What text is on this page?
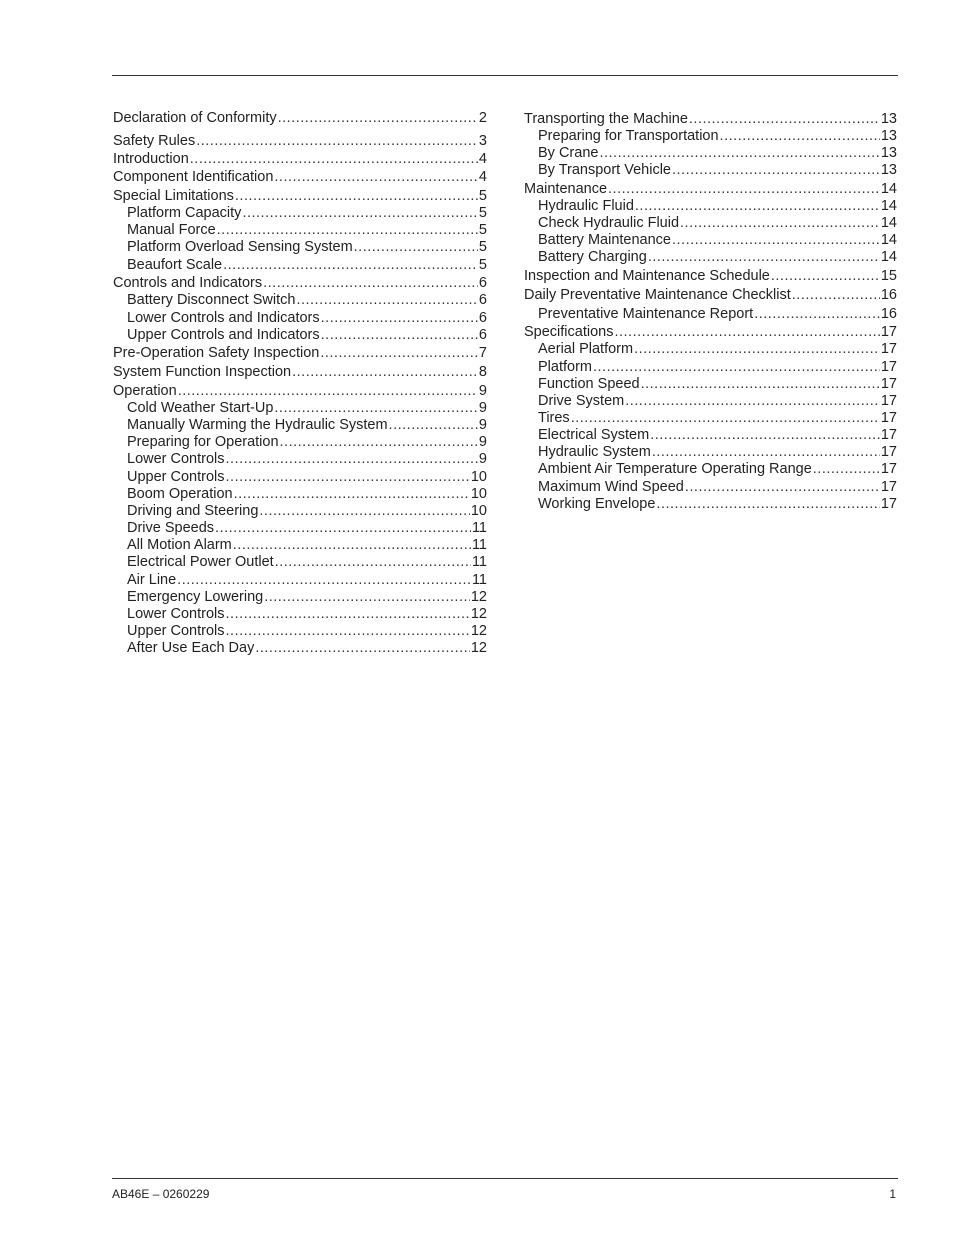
Declaration of Conformity .....	2
Safety Rules .....	3
Introduction .....	4
Component Identification .....	4
Special Limitations .....	5
Platform Capacity .....	5
Manual Force .....	5
Platform Overload Sensing System .....	5
Beaufort Scale .....	5
Controls and Indicators .....	6
Battery Disconnect Switch .....	6
Lower Controls and Indicators .....	6
Upper Controls and Indicators .....	6
Pre-Operation Safety Inspection .....	7
System Function Inspection .....	8
Operation .....	9
Cold Weather Start-Up .....	9
Manually Warming the Hydraulic System .....	9
Preparing for Operation .....	9
Lower Controls .....	9
Upper Controls .....	10
Boom Operation .....	10
Driving and Steering .....	10
Drive Speeds .....	11
All Motion Alarm .....	11
Electrical Power Outlet .....	11
Air Line .....	11
Emergency Lowering .....	12
Lower Controls .....	12
Upper Controls .....	12
After Use Each Day .....	12
Transporting the Machine .....	13
Preparing for Transportation .....	13
By Crane .....	13
By Transport Vehicle .....	13
Maintenance .....	14
Hydraulic Fluid .....	14
Check Hydraulic Fluid .....	14
Battery Maintenance .....	14
Battery Charging .....	14
Inspection and Maintenance Schedule .....	15
Daily Preventative Maintenance Checklist .....	16
Preventative Maintenance Report .....	16
Specifications .....	17
Aerial Platform .....	17
Platform .....	17
Function Speed .....	17
Drive System .....	17
Tires .....	17
Electrical System .....	17
Hydraulic System .....	17
Ambient Air Temperature Operating Range .....	17
Maximum Wind Speed .....	17
Working Envelope .....	17
AB46E – 0260229	1
